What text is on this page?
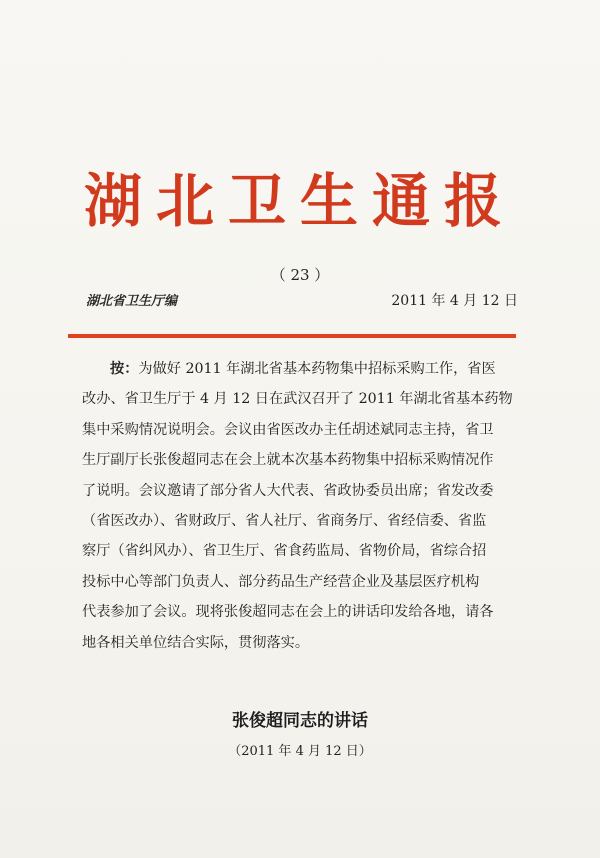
湖北卫生通报
（ 23 ）
湖北省卫生厅编	2011 年 4 月 12 日
按：为做好 2011 年湖北省基本药物集中招标采购工作，省医
改办、省卫生厅于 4 月 12 日在武汉召开了 2011 年湖北省基本药物
集中采购情况说明会。会议由省医改办主任胡述斌同志主持，省卫
生厅副厅长张俊超同志在会上就本次基本药物集中招标采购情况作
了说明。会议邀请了部分省人大代表、省政协委员出席；省发改委
（省医改办）、省财政厅、省人社厅、省商务厅、省经信委、省监
察厅（省纠风办）、省卫生厅、省食药监局、省物价局，省综合招
投标中心等部门负责人、部分药品生产经营企业及基层医疗机构
代表参加了会议。现将张俊超同志在会上的讲话印发给各地，请各
地各相关单位结合实际，贯彻落实。
张俊超同志的讲话
（2011 年 4 月 12 日）
